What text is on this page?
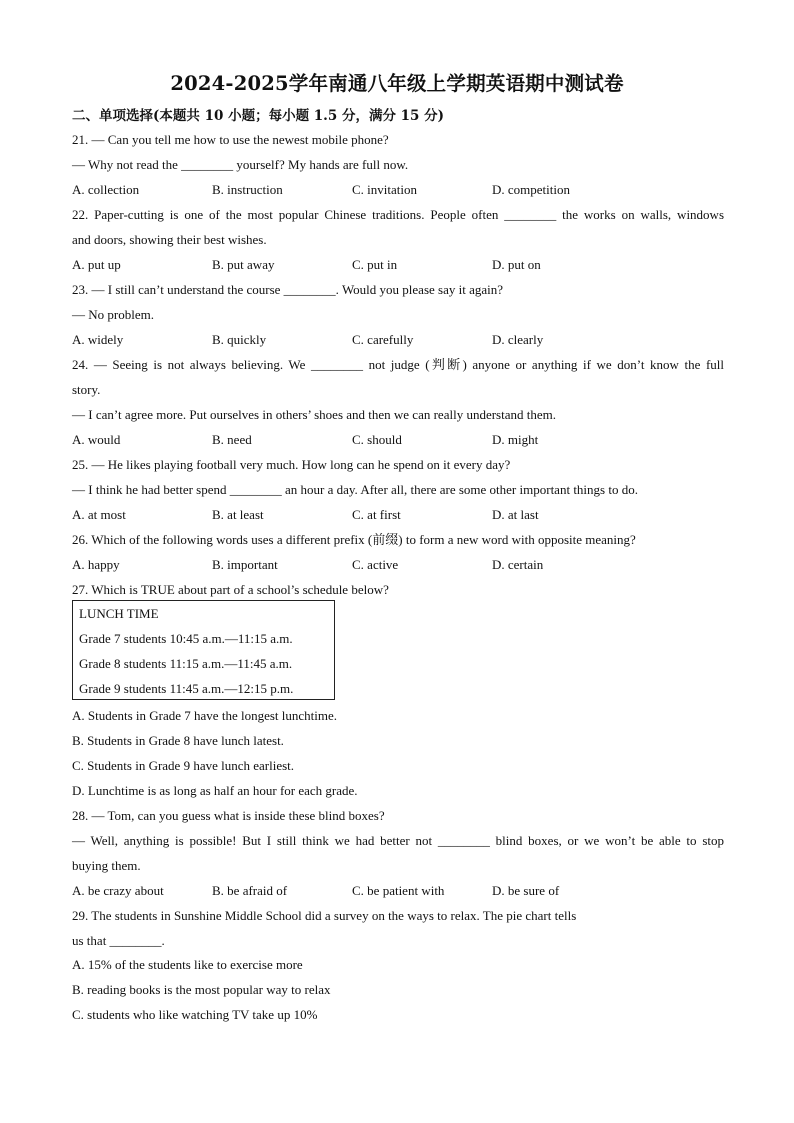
2024-2025学年南通八年级上学期英语期中测试卷
二、单项选择(本题共 10 小题；每小题 1.5 分，满分 15 分)
21. — Can you tell me how to use the newest mobile phone?
— Why not read the ________ yourself? My hands are full now.
A. collection	B. instruction	C. invitation	D. competition
22. Paper-cutting is one of the most popular Chinese traditions. People often ________ the works on walls, windows
and doors, showing their best wishes.
A. put up	B. put away	C. put in	D. put on
23. — I still can’t understand the course ________. Would you please say it again?
— No problem.
A. widely	B. quickly	C. carefully	D. clearly
24. — Seeing is not always believing. We ________ not judge (判断) anyone or anything if we don’t know the full
story.
— I can’t agree more. Put ourselves in others’ shoes and then we can really understand them.
A. would	B. need	C. should	D. might
25. — He likes playing football very much. How long can he spend on it every day?
— I think he had better spend ________ an hour a day. After all, there are some other important things to do.
A. at most	B. at least	C. at first	D. at last
26. Which of the following words uses a different prefix (前缀) to form a new word with opposite meaning?
A. happy	B. important	C. active	D. certain
27. Which is TRUE about part of a school’s schedule below?
LUNCH TIME
Grade 7 students 10:45 a.m.—11:15 a.m.
Grade 8 students 11:15 a.m.—11:45 a.m.
Grade 9 students 11:45 a.m.—12:15 p.m.
A. Students in Grade 7 have the longest lunchtime.
B. Students in Grade 8 have lunch latest.
C. Students in Grade 9 have lunch earliest.
D. Lunchtime is as long as half an hour for each grade.
28. — Tom, can you guess what is inside these blind boxes?
— Well, anything is possible! But I still think we had better not ________ blind boxes, or we won’t be able to stop
buying them.
A. be crazy about	B. be afraid of	C. be patient with	D. be sure of
29. The students in Sunshine Middle School did a survey on the ways to relax. The pie chart tells
us that ________.
A. 15% of the students like to exercise more
B. reading books is the most popular way to relax
C. students who like watching TV take up 10%
